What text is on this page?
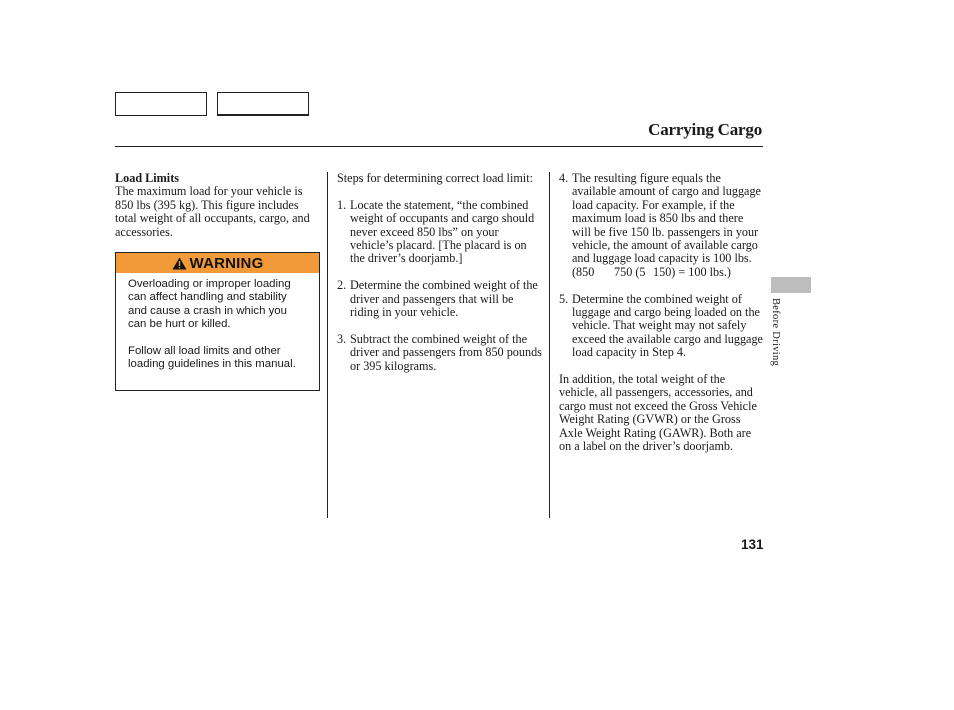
Carrying Cargo

Load Limits

The maximum load for your vehicle is 850 lbs (395 kg). This figure includes total weight of all occupants, cargo, and accessories.

WARNING

Overloading or improper loading can affect handling and stability and cause a crash in which you can be hurt or killed.

Follow all load limits and other loading guidelines in this manual.

Steps for determining correct load limit:

1. Locate the statement, “the combined weight of occupants and cargo should never exceed 850 lbs” on your vehicle’s placard. [The placard is on the driver’s doorjamb.]
2. Determine the combined weight of the driver and passengers that will be riding in your vehicle.
3. Subtract the combined weight of the driver and passengers from 850 pounds or 395 kilograms.
4. The resulting figure equals the available amount of cargo and luggage load capacity. For example, if the maximum load is 850 lbs and there will be five 150 lb. passengers in your vehicle, the amount of available cargo and luggage load capacity is 100 lbs.
(850	750 (5 150) = 100 lbs.)
5. Determine the combined weight of luggage and cargo being loaded on the vehicle. That weight may not safely exceed the available cargo and luggage load capacity in Step 4.

In addition, the total weight of the vehicle, all passengers, accessories, and cargo must not exceed the Gross Vehicle Weight Rating (GVWR) or the Gross Axle Weight Rating (GAWR). Both are on a label on the driver’s doorjamb.

Before Driving
131
